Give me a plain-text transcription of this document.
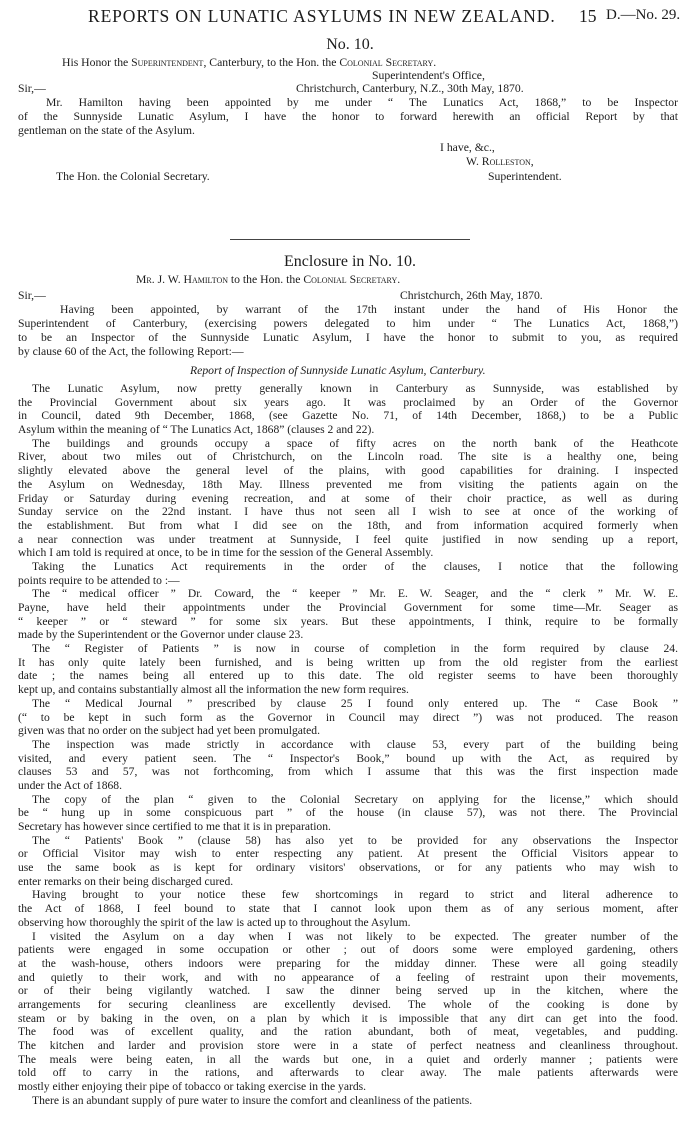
REPORTS ON LUNATIC ASYLUMS IN NEW ZEALAND. 15 D.—No. 29.
No. 10.
His Honor the Superintendent, Canterbury, to the Hon. the Colonial Secretary.
Superintendent's Office,
Sir,—	Christchurch, Canterbury, N.Z., 30th May, 1870.
Mr. Hamilton having been appointed by me under “ The Lunatics Act, 1868,” to be Inspector
of the Sunnyside Lunatic Asylum, I have the honor to forward herewith an official Report by that
gentleman on the state of the Asylum.
I have, &c.,
W. Rolleston,
The Hon. the Colonial Secretary.	Superintendent.
Enclosure in No. 10.
Mr. J. W. Hamilton to the Hon. the Colonial Secretary.
Sir,—	Christchurch, 26th May, 1870.
Having been appointed, by warrant of the 17th instant under the hand of His Honor the
Superintendent of Canterbury, (exercising powers delegated to him under “ The Lunatics Act, 1868,”)
to be an Inspector of the Sunnyside Lunatic Asylum, I have the honor to submit to you, as required
by clause 60 of the Act, the following Report:—
Report of Inspection of Sunnyside Lunatic Asylum, Canterbury.
The Lunatic Asylum, now pretty generally known in Canterbury as Sunnyside, was established by
the Provincial Government about six years ago. It was proclaimed by an Order of the Governor
in Council, dated 9th December, 1868, (see Gazette No. 71, of 14th December, 1868,) to be a Public
Asylum within the meaning of “ The Lunatics Act, 1868” (clauses 2 and 22).
The buildings and grounds occupy a space of fifty acres on the north bank of the Heathcote
River, about two miles out of Christchurch, on the Lincoln road. The site is a healthy one, being
slightly elevated above the general level of the plains, with good capabilities for draining. I inspected
the Asylum on Wednesday, 18th May. Illness prevented me from visiting the patients again on the
Friday or Saturday during evening recreation, and at some of their choir practice, as well as during
Sunday service on the 22nd instant. I have thus not seen all I wish to see at once of the working of
the establishment. But from what I did see on the 18th, and from information acquired formerly when
a near connection was under treatment at Sunnyside, I feel quite justified in now sending up a report,
which I am told is required at once, to be in time for the session of the General Assembly.
Taking the Lunatics Act requirements in the order of the clauses, I notice that the following
points require to be attended to :—
The “ medical officer ” Dr. Coward, the “ keeper ” Mr. E. W. Seager, and the “ clerk ” Mr. W. E.
Payne, have held their appointments under the Provincial Government for some time—Mr. Seager as
“ keeper ” or “ steward ” for some six years. But these appointments, I think, require to be formally
made by the Superintendent or the Governor under clause 23.
The “ Register of Patients ” is now in course of completion in the form required by clause 24.
It has only quite lately been furnished, and is being written up from the old register from the earliest
date ; the names being all entered up to this date. The old register seems to have been thoroughly
kept up, and contains substantially almost all the information the new form requires.
The “ Medical Journal ” prescribed by clause 25 I found only entered up. The “ Case Book ”
(“ to be kept in such form as the Governor in Council may direct ”) was not produced. The reason
given was that no order on the subject had yet been promulgated.
The inspection was made strictly in accordance with clause 53, every part of the building being
visited, and every patient seen. The “ Inspector's Book,” bound up with the Act, as required by
clauses 53 and 57, was not forthcoming, from which I assume that this was the first inspection made
under the Act of 1868.
The copy of the plan “ given to the Colonial Secretary on applying for the license,” which should
be “ hung up in some conspicuous part ” of the house (in clause 57), was not there. The Provincial
Secretary has however since certified to me that it is in preparation.
The “ Patients' Book ” (clause 58) has also yet to be provided for any observations the Inspector
or Official Visitor may wish to enter respecting any patient. At present the Official Visitors appear to
use the same book as is kept for ordinary visitors' observations, or for any patients who may wish to
enter remarks on their being discharged cured.
Having brought to your notice these few shortcomings in regard to strict and literal adherence to
the Act of 1868, I feel bound to state that I cannot look upon them as of any serious moment, after
observing how thoroughly the spirit of the law is acted up to throughout the Asylum.
I visited the Asylum on a day when I was not likely to be expected. The greater number of the
patients were engaged in some occupation or other ; out of doors some were employed gardening, others
at the wash-house, others indoors were preparing for the midday dinner. These were all going steadily
and quietly to their work, and with no appearance of a feeling of restraint upon their movements,
or of their being vigilantly watched. I saw the dinner being served up in the kitchen, where the
arrangements for securing cleanliness are excellently devised. The whole of the cooking is done by
steam or by baking in the oven, on a plan by which it is impossible that any dirt can get into the food.
The food was of excellent quality, and the ration abundant, both of meat, vegetables, and pudding.
The kitchen and larder and provision store were in a state of perfect neatness and cleanliness throughout.
The meals were being eaten, in all the wards but one, in a quiet and orderly manner ; patients were
told off to carry in the rations, and afterwards to clear away. The male patients afterwards were
mostly either enjoying their pipe of tobacco or taking exercise in the yards.
There is an abundant supply of pure water to insure the comfort and cleanliness of the patients.
